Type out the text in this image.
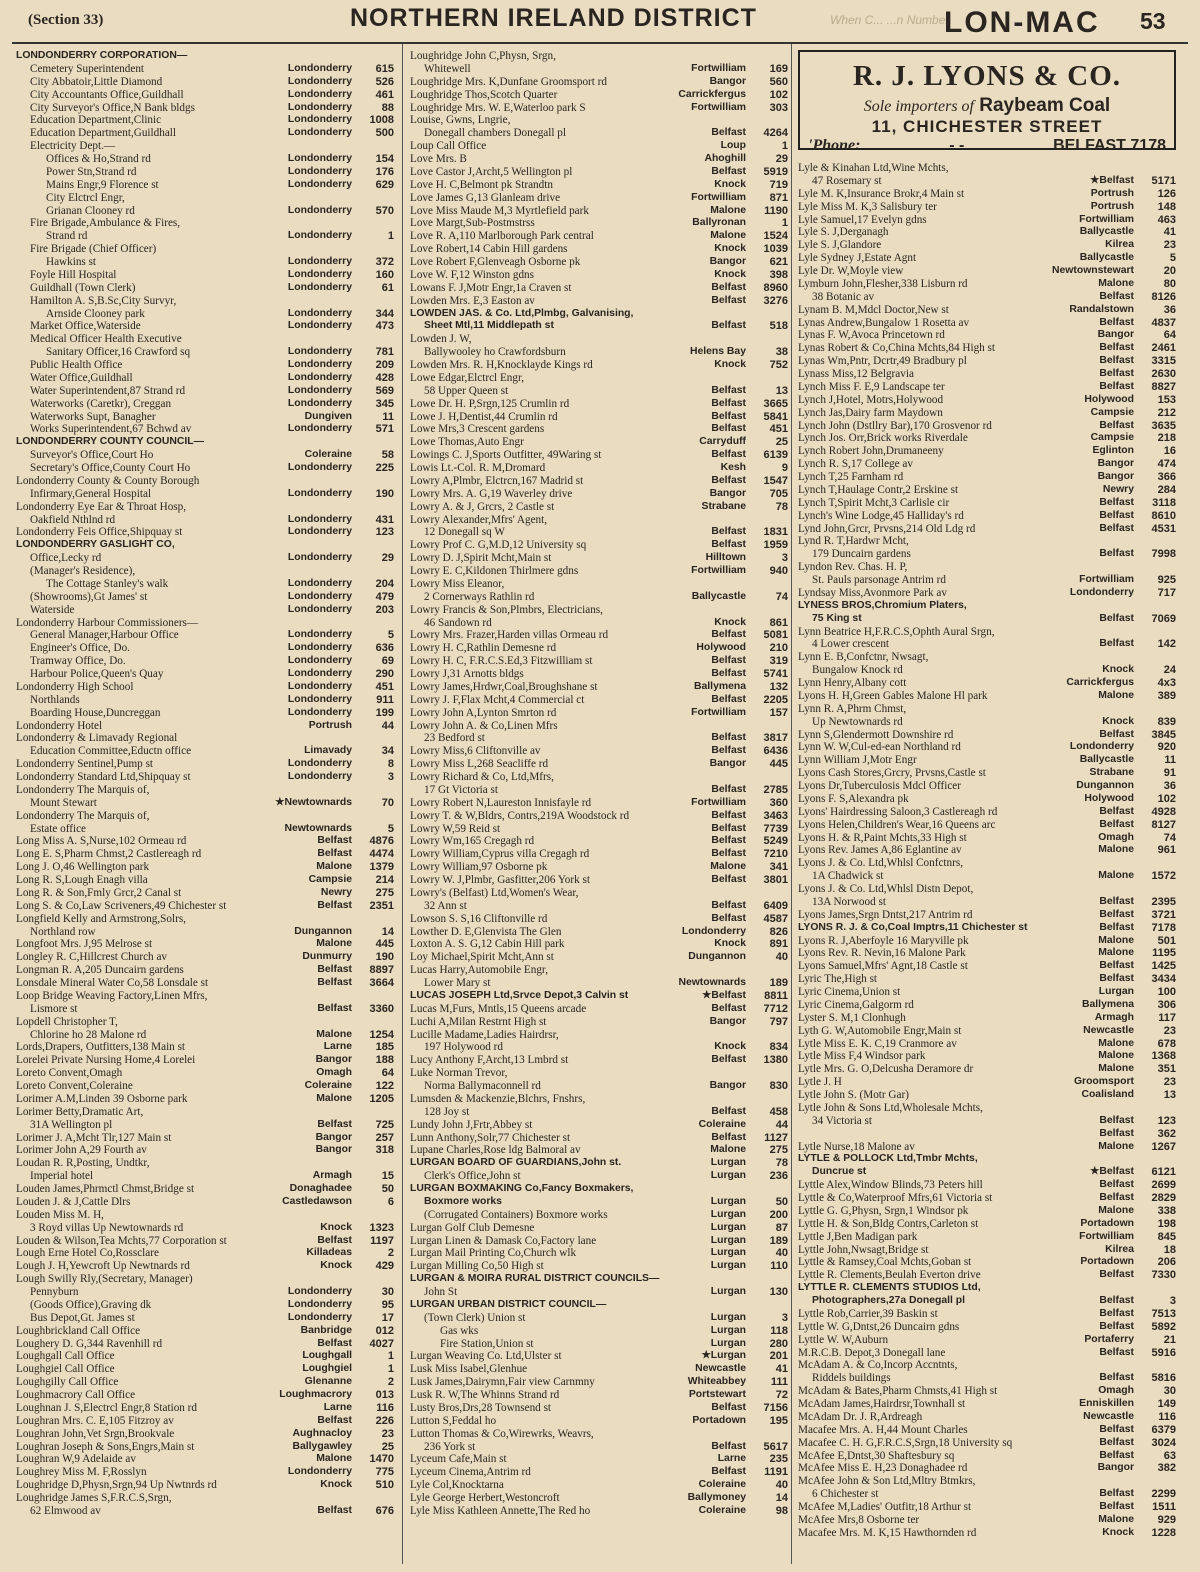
(Section 33)	NORTHERN IRELAND DISTRICT	When C... ...n Number
LON-MAC 53
LONDONDERRY CORPORATION—
Cemetery Superintendent	Londonderry	615
City Abbatoir,Little Diamond	Londonderry	526
City Accountants Office,Guildhall	Londonderry	461
City Surveyor's Office,N Bank bldgs	Londonderry	88
Education Department,Clinic	Londonderry	1008
Education Department,Guildhall	Londonderry	500
Electricity Dept.—
Offices & Ho,Strand rd	Londonderry	154
Power Stn,Strand rd	Londonderry	176
Mains Engr,9 Florence st	Londonderry	629
City Elctrcl Engr,
Grianan Clooney rd	Londonderry	570
Fire Brigade,Ambulance & Fires,
Strand rd	Londonderry	1
Fire Brigade (Chief Officer)
Hawkins st	Londonderry	372
Foyle Hill Hospital	Londonderry	160
Guildhall (Town Clerk)	Londonderry	61
Hamilton A. S,B.Sc,City Survyr,
Arnside Clooney park	Londonderry	344
Market Office,Waterside	Londonderry	473
Medical Officer Health Executive
Sanitary Officer,16 Crawford sq	Londonderry	781
Public Health Office	Londonderry	209
Water Office,Guildhall	Londonderry	428
Water Superintendent,87 Strand rd	Londonderry	569
Waterworks (Caretkr), Creggan	Londonderry	345
Waterworks Supt, Banagher	Dungiven	11
Works Superintendent,67 Bchwd av	Londonderry	571
LONDONDERRY COUNTY COUNCIL—
Surveyor's Office,Court Ho	Coleraine	58
Secretary's Office,County Court Ho	Londonderry	225
Londonderry County & County Borough
Infirmary,General Hospital	Londonderry	190
Londonderry Eye Ear & Throat Hosp,
Oakfield Nthlnd rd	Londonderry	431
Londonderry Feis Office,Shipquay st	Londonderry	123
LONDONDERRY GASLIGHT CO,
Office,Lecky rd	Londonderry	29
(Manager's Residence),
The Cottage Stanley's walk	Londonderry	204
(Showrooms),Gt James' st	Londonderry	479
Waterside	Londonderry	203
Londonderry Harbour Commissioners—
General Manager,Harbour Office	Londonderry	5
Engineer's Office, Do.	Londonderry	636
Tramway Office, Do.	Londonderry	69
Harbour Police,Queen's Quay	Londonderry	290
Londonderry High School	Londonderry	451
Northlands	Londonderry	911
Boarding House,Duncreggan	Londonderry	199
Londonderry Hotel	Portrush	44
Londonderry & Limavady Regional
Education Committee,Eductn office	Limavady	34
Londonderry Sentinel,Pump st	Londonderry	8
Londonderry Standard Ltd,Shipquay st	Londonderry	3
Londonderry The Marquis of,
Mount Stewart	★Newtownards	70
Londonderry The Marquis of,
Estate office	Newtownards	5
Long Miss A. S,Nurse,102 Ormeau rd	Belfast	4876
Long E. S,Pharm Chmst,2 Castlereagh rd	Belfast	4474
Long J. O,46 Wellington park	Malone	1379
Long R. S,Lough Enagh villa	Campsie	214
Long R. & Son,Fmly Grcr,2 Canal st	Newry	275
Long S. & Co,Law Scriveners,49 Chichester st	Belfast	2351
Longfield Kelly and Armstrong,Solrs,
Northland row	Dungannon	14
Longfoot Mrs. J,95 Melrose st	Malone	445
Longley R. C,Hillcrest Church av	Dunmurry	190
Longman R. A,205 Duncairn gardens	Belfast	8897
Lonsdale Mineral Water Co,58 Lonsdale st	Belfast	3664
Loop Bridge Weaving Factory,Linen Mfrs,
Lismore st	Belfast	3360
Lopdell Christopher T,
Chlorine ho 28 Malone rd	Malone	1254
Lords,Drapers, Outfitters,138 Main st	Larne	185
Lorelei Private Nursing Home,4 Lorelei	Bangor	188
Loreto Convent,Omagh	Omagh	64
Loreto Convent,Coleraine	Coleraine	122
Lorimer A.M,Linden 39 Osborne park	Malone	1205
Lorimer Betty,Dramatic Art,
31A Wellington pl	Belfast	725
Lorimer J. A,Mcht Tlr,127 Main st	Bangor	257
Lorimer John A,29 Fourth av	Bangor	318
Loudan R. R,Posting, Undtkr,
Imperial hotel	Armagh	15
Louden James,Phrmctl Chmst,Bridge st	Donaghadee	50
Louden J. & J,Cattle Dlrs	Castledawson	6
Louden Miss M. H,
3 Royd villas Up Newtownards rd	Knock	1323
Louden & Wilson,Tea Mchts,77 Corporation st	Belfast	1197
Lough Erne Hotel Co,Rossclare	Killadeas	2
Lough J. H,Yewcroft Up Newtnards rd	Knock	429
Lough Swilly Rly,(Secretary, Manager)
Pennyburn	Londonderry	30
(Goods Office),Graving dk	Londonderry	95
Bus Depot,Gt. James st	Londonderry	17
Loughbrickland Call Office	Banbridge	012
Loughery D. G,344 Ravenhill rd	Belfast	4027
Loughgall Call Office	Loughgall	1
Loughgiel Call Office	Loughgiel	1
Loughgilly Call Office	Glenanne	2
Loughmacrory Call Office	Loughmacrory	013
Loughnan J. S,Electrcl Engr,8 Station rd	Larne	116
Loughran Mrs. C. E,105 Fitzroy av	Belfast	226
Loughran John,Vet Srgn,Brookvale	Aughnacloy	23
Loughran Joseph & Sons,Engrs,Main st	Ballygawley	25
Loughran W,9 Adelaide av	Malone	1470
Loughrey Miss M. F,Rosslyn	Londonderry	775
Loughridge D,Physn,Srgn,94 Up Nwtnrds rd	Knock	510
Loughridge James S,F.R.C.S,Srgn,
62 Elmwood av	Belfast	676
Loughridge John C,Physn, Srgn,
Whitewell	Fortwilliam	169
Loughridge Mrs. K,Dunfane Groomsport rd	Bangor	560
Loughridge Thos,Scotch Quarter	Carrickfergus	102
Loughridge Mrs. W. E,Waterloo park S	Fortwilliam	303
Louise, Gwns, Lngrie,
Donegall chambers Donegall pl	Belfast	4264
Loup Call Office	Loup	1
Love Mrs. B	Ahoghill	29
Love Castor J,Archt,5 Wellington pl	Belfast	5919
Love H. C,Belmont pk Strandtn	Knock	719
Love James G,13 Glanleam drive	Fortwilliam	871
Love Miss Maude M,3 Myrtlefield park	Malone	1190
Love Margt,Sub-Postmstrss	Ballyronan	1
Love R. A,110 Marlborough Park central	Malone	1524
Love Robert,14 Cabin Hill gardens	Knock	1039
Love Robert F,Glenveagh Osborne pk	Bangor	621
Love W. F,12 Winston gdns	Knock	398
Lowans F. J,Motr Engr,1a Craven st	Belfast	8960
Lowden Mrs. E,3 Easton av	Belfast	3276
LOWDEN JAS. & Co. Ltd,Plmbg, Galvanising,
Sheet Mtl,11 Middlepath st	Belfast	518
Lowden J. W,
Ballywooley ho Crawfordsburn	Helens Bay	38
Lowden Mrs. R. H,Knocklayde Kings rd	Knock	752
Lowe Edgar,Elctrcl Engr,
58 Upper Queen st	Belfast	13
Lowe Dr. H. P,Srgn,125 Crumlin rd	Belfast	3665
Lowe J. H,Dentist,44 Crumlin rd	Belfast	5841
Lowe Mrs,3 Crescent gardens	Belfast	451
Lowe Thomas,Auto Engr	Carryduff	25
Lowings C. J,Sports Outfitter, 49Waring st	Belfast	6139
Lowis Lt.-Col. R. M,Dromard	Kesh	9
Lowry A,Plmbr, Elctrcn,167 Madrid st	Belfast	1547
Lowry Mrs. A. G,19 Waverley drive	Bangor	705
Lowry A. & J, Grcrs, 2 Castle st	Strabane	78
Lowry Alexander,Mfrs' Agent,
12 Donegall sq W	Belfast	1831
Lowry Prof C. G,M.D,12 University sq	Belfast	1959
Lowry D. J,Spirit Mcht,Main st	Hilltown	3
Lowry E. C,Kildonen Thirlmere gdns	Fortwilliam	940
Lowry Miss Eleanor,
2 Cornerways Rathlin rd	Ballycastle	74
Lowry Francis & Son,Plmbrs, Electricians,
46 Sandown rd	Knock	861
Lowry Mrs. Frazer,Harden villas Ormeau rd	Belfast	5081
Lowry H. C,Rathlin Demesne rd	Holywood	210
Lowry H. C, F.R.C.S.Ed,3 Fitzwilliam st	Belfast	319
Lowry J,31 Arnotts bldgs	Belfast	5741
Lowry James,Hrdwr,Coal,Broughshane st	Ballymena	132
Lowry J. F,Flax Mcht,4 Commercial ct	Belfast	2205
Lowry John A,Lynton Smrton rd	Fortwilliam	157
Lowry John A. & Co,Linen Mfrs
23 Bedford st	Belfast	3817
Lowry Miss,6 Cliftonville av	Belfast	6436
Lowry Miss L,268 Seacliffe rd	Bangor	445
Lowry Richard & Co, Ltd,Mfrs,
17 Gt Victoria st	Belfast	2785
Lowry Robert N,Laureston Innisfayle rd	Fortwilliam	360
Lowry T. & W,Bldrs, Contrs,219A Woodstock rd	Belfast	3463
Lowry W,59 Reid st	Belfast	7739
Lowry Wm,165 Cregagh rd	Belfast	5249
Lowry William,Cyprus villa Cregagh rd	Belfast	7210
Lowry William,97 Osborne pk	Malone	341
Lowry W. J,Plmbr, Gasfitter,206 York st	Belfast	3801
Lowry's (Belfast) Ltd,Women's Wear,
32 Ann st	Belfast	6409
Lowson S. S,16 Cliftonville rd	Belfast	4587
Lowther D. E,Glenvista The Glen	Londonderry	826
Loxton A. S. G,12 Cabin Hill park	Knock	891
Loy Michael,Spirit Mcht,Ann st	Dungannon	40
Lucas Harry,Automobile Engr,
Lower Mary st	Newtownards	189
LUCAS JOSEPH Ltd,Srvce Depot,3 Calvin st	★Belfast	8811
Lucas M,Furs, Mntls,15 Queens arcade	Belfast	7712
Luchi A,Milan Restrnt High st	Bangor	797
Lucille Madame,Ladies Hairdrsr,
197 Holywood rd	Knock	834
Lucy Anthony F,Archt,13 Lmbrd st	Belfast	1380
Luke Norman Trevor,
Norma Ballymaconnell rd	Bangor	830
Lumsden & Mackenzie,Blchrs, Fnshrs,
128 Joy st	Belfast	458
Lundy John J,Frtr,Abbey st	Coleraine	44
Lunn Anthony,Solr,77 Chichester st	Belfast	1127
Lupane Charles,Rose ldg Balmoral av	Malone	275
LURGAN BOARD OF GUARDIANS,John st.	Lurgan	78
Clerk's Office,John st	Lurgan	236
LURGAN BOXMAKING Co,Fancy Boxmakers,
Boxmore works	Lurgan	50
(Corrugated Containers) Boxmore works	Lurgan	200
Lurgan Golf Club Demesne	Lurgan	87
Lurgan Linen & Damask Co,Factory lane	Lurgan	189
Lurgan Mail Printing Co,Church wlk	Lurgan	40
Lurgan Milling Co,50 High st	Lurgan	110
LURGAN & MOIRA RURAL DISTRICT COUNCILS—
John St	Lurgan	130
LURGAN URBAN DISTRICT COUNCIL—
(Town Clerk) Union st	Lurgan	3
Gas wks	Lurgan	118
Fire Station,Union st	Lurgan	280
Lurgan Weaving Co. Ltd,Ulster st	★Lurgan	201
Lusk Miss Isabel,Glenhue	Newcastle	41
Lusk James,Dairymn,Fair view Carnmny	Whiteabbey	111
Lusk R. W,The Whinns Strand rd	Portstewart	72
Lusty Bros,Drs,28 Townsend st	Belfast	7156
Lutton S,Feddal ho	Portadown	195
Lutton Thomas & Co,Wirewrks, Weavrs,
236 York st	Belfast	5617
Lyceum Cafe,Main st	Larne	235
Lyceum Cinema,Antrim rd	Belfast	1191
Lyle Col,Knocktarna	Coleraine	40
Lyle George Herbert,Westoncroft	Ballymoney	14
Lyle Miss Kathleen Annette,The Red ho	Coleraine	98
R. J. LYONS & CO.
Sole importers of Raybeam Coal
11, CHICHESTER STREET
'Phone:	- -	BELFAST 7178
Lyle & Kinahan Ltd,Wine Mchts,
47 Rosemary st	★Belfast	5171
Lyle M. K,Insurance Brokr,4 Main st	Portrush	126
Lyle Miss M. K,3 Salisbury ter	Portrush	148
Lyle Samuel,17 Evelyn gdns	Fortwilliam	463
Lyle S. J,Derganagh	Ballycastle	41
Lyle S. J,Glandore	Kilrea	23
Lyle Sydney J,Estate Agnt	Ballycastle	5
Lyle Dr. W,Moyle view	Newtownstewart	20
Lymburn John,Flesher,338 Lisburn rd	Malone	80
38 Botanic av	Belfast	8126
Lynam B. M,Mdcl Doctor,New st	Randalstown	36
Lynas Andrew,Bungalow 1 Rosetta av	Belfast	4837
Lynas F. W,Avoca Princetown rd	Bangor	64
Lynas Robert & Co,China Mchts,84 High st	Belfast	2461
Lynas Wm,Pntr, Dcrtr,49 Bradbury pl	Belfast	3315
Lynass Miss,12 Belgravia	Belfast	2630
Lynch Miss F. E,9 Landscape ter	Belfast	8827
Lynch J,Hotel, Motrs,Holywood	Holywood	153
Lynch Jas,Dairy farm Maydown	Campsie	212
Lynch John (Dstllry Bar),170 Grosvenor rd	Belfast	3635
Lynch Jos. Orr,Brick works Riverdale	Campsie	218
Lynch Robert John,Drumaneeny	Eglinton	16
Lynch R. S,17 College av	Bangor	474
Lynch T,25 Farnham rd	Bangor	366
Lynch T,Haulage Contr,2 Erskine st	Newry	284
Lynch T,Spirit Mcht,3 Carlisle cir	Belfast	3118
Lynch's Wine Lodge,45 Halliday's rd	Belfast	8610
Lynd John,Grcr, Prvsns,214 Old Ldg rd	Belfast	4531
Lynd R. T,Hardwr Mcht,
179 Duncairn gardens	Belfast	7998
Lyndon Rev. Chas. H. P,
St. Pauls parsonage Antrim rd	Fortwilliam	925
Lyndsay Miss,Avonmore Park av	Londonderry	717
LYNESS BROS,Chromium Platers,
75 King st	Belfast	7069
Lynn Beatrice H,F.R.C.S,Ophth Aural Srgn,
4 Lower crescent	Belfast	142
Lynn E. B,Confctnr, Nwsagt,
Bungalow Knock rd	Knock	24
Lynn Henry,Albany cott	Carrickfergus	4x3
Lyons H. H,Green Gables Malone Hl park	Malone	389
Lynn R. A,Phrm Chmst,
Up Newtownards rd	Knock	839
Lynn S,Glendermott Downshire rd	Belfast	3845
Lynn W. W,Cul-ed-ean Northland rd	Londonderry	920
Lynn William J,Motr Engr	Ballycastle	11
Lyons Cash Stores,Grcry, Prvsns,Castle st	Strabane	91
Lyons Dr,Tuberculosis Mdcl Officer	Dungannon	36
Lyons F. S,Alexandra pk	Holywood	102
Lyons' Hairdressing Saloon,3 Castlereagh rd	Belfast	4928
Lyons Helen,Children's Wear,16 Queens arc	Belfast	8127
Lyons H. & R,Paint Mchts,33 High st	Omagh	74
Lyons Rev. James A,86 Eglantine av	Malone	961
Lyons J. & Co. Ltd,Whlsl Confctnrs,
1A Chadwick st	Malone	1572
Lyons J. & Co. Ltd,Whlsl Distn Depot,
13A Norwood st	Belfast	2395
Lyons James,Srgn Dntst,217 Antrim rd	Belfast	3721
LYONS R. J. & Co,Coal Imptrs,11 Chichester st	Belfast	7178
Lyons R. J,Aberfoyle 16 Maryville pk	Malone	501
Lyons Rev. R. Nevin,16 Malone Park	Malone	1195
Lyons Samuel,Mfrs' Agnt,18 Castle st	Belfast	1425
Lyric The,High st	Belfast	3434
Lyric Cinema,Union st	Lurgan	100
Lyric Cinema,Galgorm rd	Ballymena	306
Lyster S. M,1 Clonhugh	Armagh	117
Lyth G. W,Automobile Engr,Main st	Newcastle	23
Lytle Miss E. K. C,19 Cranmore av	Malone	678
Lytle Miss F,4 Windsor park	Malone	1368
Lytle Mrs. G. O,Delcusha Deramore dr	Malone	351
Lytle J. H	Groomsport	23
Lytle John S. (Motr Gar)	Coalisland	13
Lytle John & Sons Ltd,Wholesale Mchts,
34 Victoria st	Belfast	123
Belfast	362
Lytle Nurse,18 Malone av	Malone	1267
LYTLE & POLLOCK Ltd,Tmbr Mchts,
Duncrue st	★Belfast	6121
Lyttle Alex,Window Blinds,73 Peters hill	Belfast	2699
Lyttle & Co,Waterproof Mfrs,61 Victoria st	Belfast	2829
Lyttle G. G,Physn, Srgn,1 Windsor pk	Malone	338
Lyttle H. & Son,Bldg Contrs,Carleton st	Portadown	198
Lyttle J,Ben Madigan park	Fortwilliam	845
Lyttle John,Nwsagt,Bridge st	Kilrea	18
Lyttle & Ramsey,Coal Mchts,Goban st	Portadown	206
Lyttle R. Clements,Beulah Everton drive	Belfast	7330
LYTTLE R. CLEMENTS STUDIOS Ltd,
Photographers,27a Donegall pl	Belfast	3
Lyttle Rob,Carrier,39 Baskin st	Belfast	7513
Lyttle W. G,Dntst,26 Duncairn gdns	Belfast	5892
Lyttle W. W,Auburn	Portaferry	21
M.R.C.B. Depot,3 Donegall lane	Belfast	5916
McAdam A. & Co,Incorp Accntnts,
Riddels buildings	Belfast	5816
McAdam & Bates,Pharm Chmsts,41 High st	Omagh	30
McAdam James,Hairdrsr,Townhall st	Enniskillen	149
McAdam Dr. J. R,Ardreagh	Newcastle	116
Macafee Mrs. A. H,44 Mount Charles	Belfast	6379
Macafee C. H. G,F.R.C.S,Srgn,18 University sq	Belfast	3024
McAfee E,Dntst,30 Shaftesbury sq	Belfast	63
McAfee Miss E. H,23 Donaghadee rd	Bangor	382
McAfee John & Son Ltd,Mltry Btmkrs,
6 Chichester st	Belfast	2299
McAfee M,Ladies' Outfitr,18 Arthur st	Belfast	1511
McAfee Mrs,8 Osborne ter	Malone	929
Macafee Mrs. M. K,15 Hawthornden rd	Knock	1228
